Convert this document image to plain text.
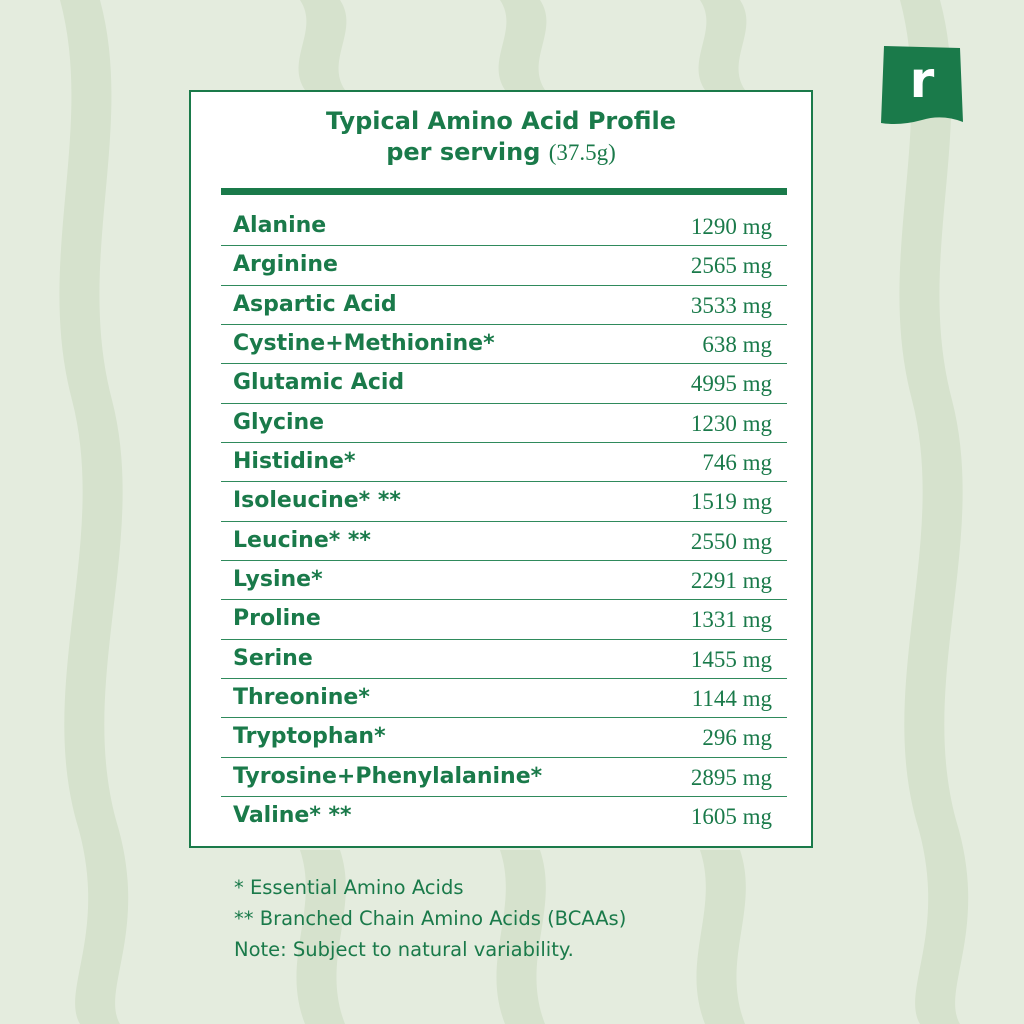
r
Typical Amino Acid Profile
per serving (37.5g)
Alanine	1290 mg
Arginine	2565 mg
Aspartic Acid	3533 mg
Cystine+Methionine*	638 mg
Glutamic Acid	4995 mg
Glycine	1230 mg
Histidine*	746 mg
Isoleucine* **	1519 mg
Leucine* **	2550 mg
Lysine*	2291 mg
Proline	1331 mg
Serine	1455 mg
Threonine*	1144 mg
Tryptophan*	296 mg
Tyrosine+Phenylalanine*	2895 mg
Valine* **	1605 mg
* Essential Amino Acids
** Branched Chain Amino Acids (BCAAs)
Note: Subject to natural variability.
